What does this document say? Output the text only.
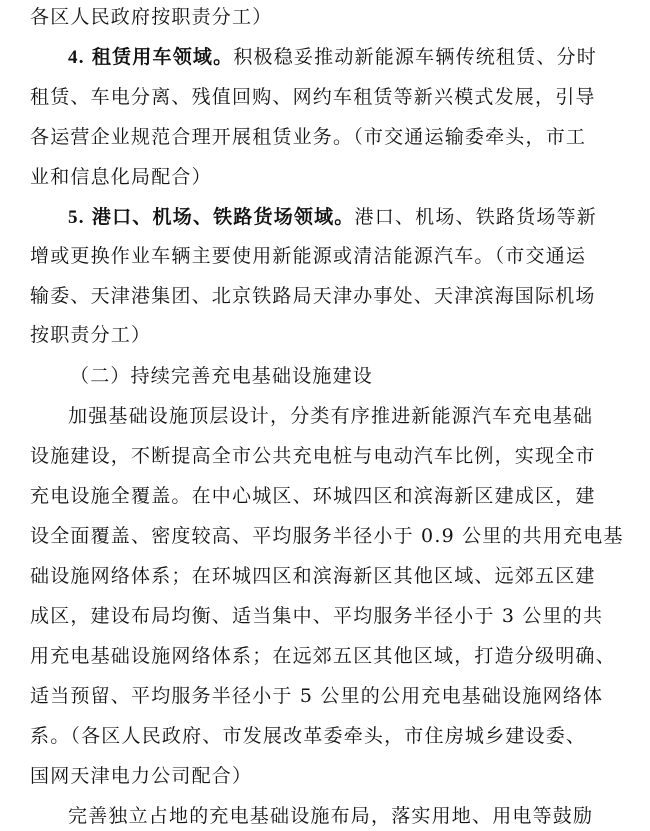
各区人民政府按职责分工）
4. 租赁用车领域。积极稳妥推动新能源车辆传统租赁、分时
租赁、车电分离、残值回购、网约车租赁等新兴模式发展，引导
各运营企业规范合理开展租赁业务。（市交通运输委牵头，市工
业和信息化局配合）
5. 港口、机场、铁路货场领域。港口、机场、铁路货场等新
增或更换作业车辆主要使用新能源或清洁能源汽车。（市交通运
输委、天津港集团、北京铁路局天津办事处、天津滨海国际机场
按职责分工）
（二）持续完善充电基础设施建设
加强基础设施顶层设计，分类有序推进新能源汽车充电基础
设施建设，不断提高全市公共充电桩与电动汽车比例，实现全市
充电设施全覆盖。在中心城区、环城四区和滨海新区建成区，建
设全面覆盖、密度较高、平均服务半径小于 0.9 公里的共用充电基
础设施网络体系；在环城四区和滨海新区其他区域、远郊五区建
成区，建设布局均衡、适当集中、平均服务半径小于 3 公里的共
用充电基础设施网络体系；在远郊五区其他区域，打造分级明确、
适当预留、平均服务半径小于 5 公里的公用充电基础设施网络体
系。（各区人民政府、市发展改革委牵头，市住房城乡建设委、
国网天津电力公司配合）
完善独立占地的充电基础设施布局，落实用地、用电等鼓励
